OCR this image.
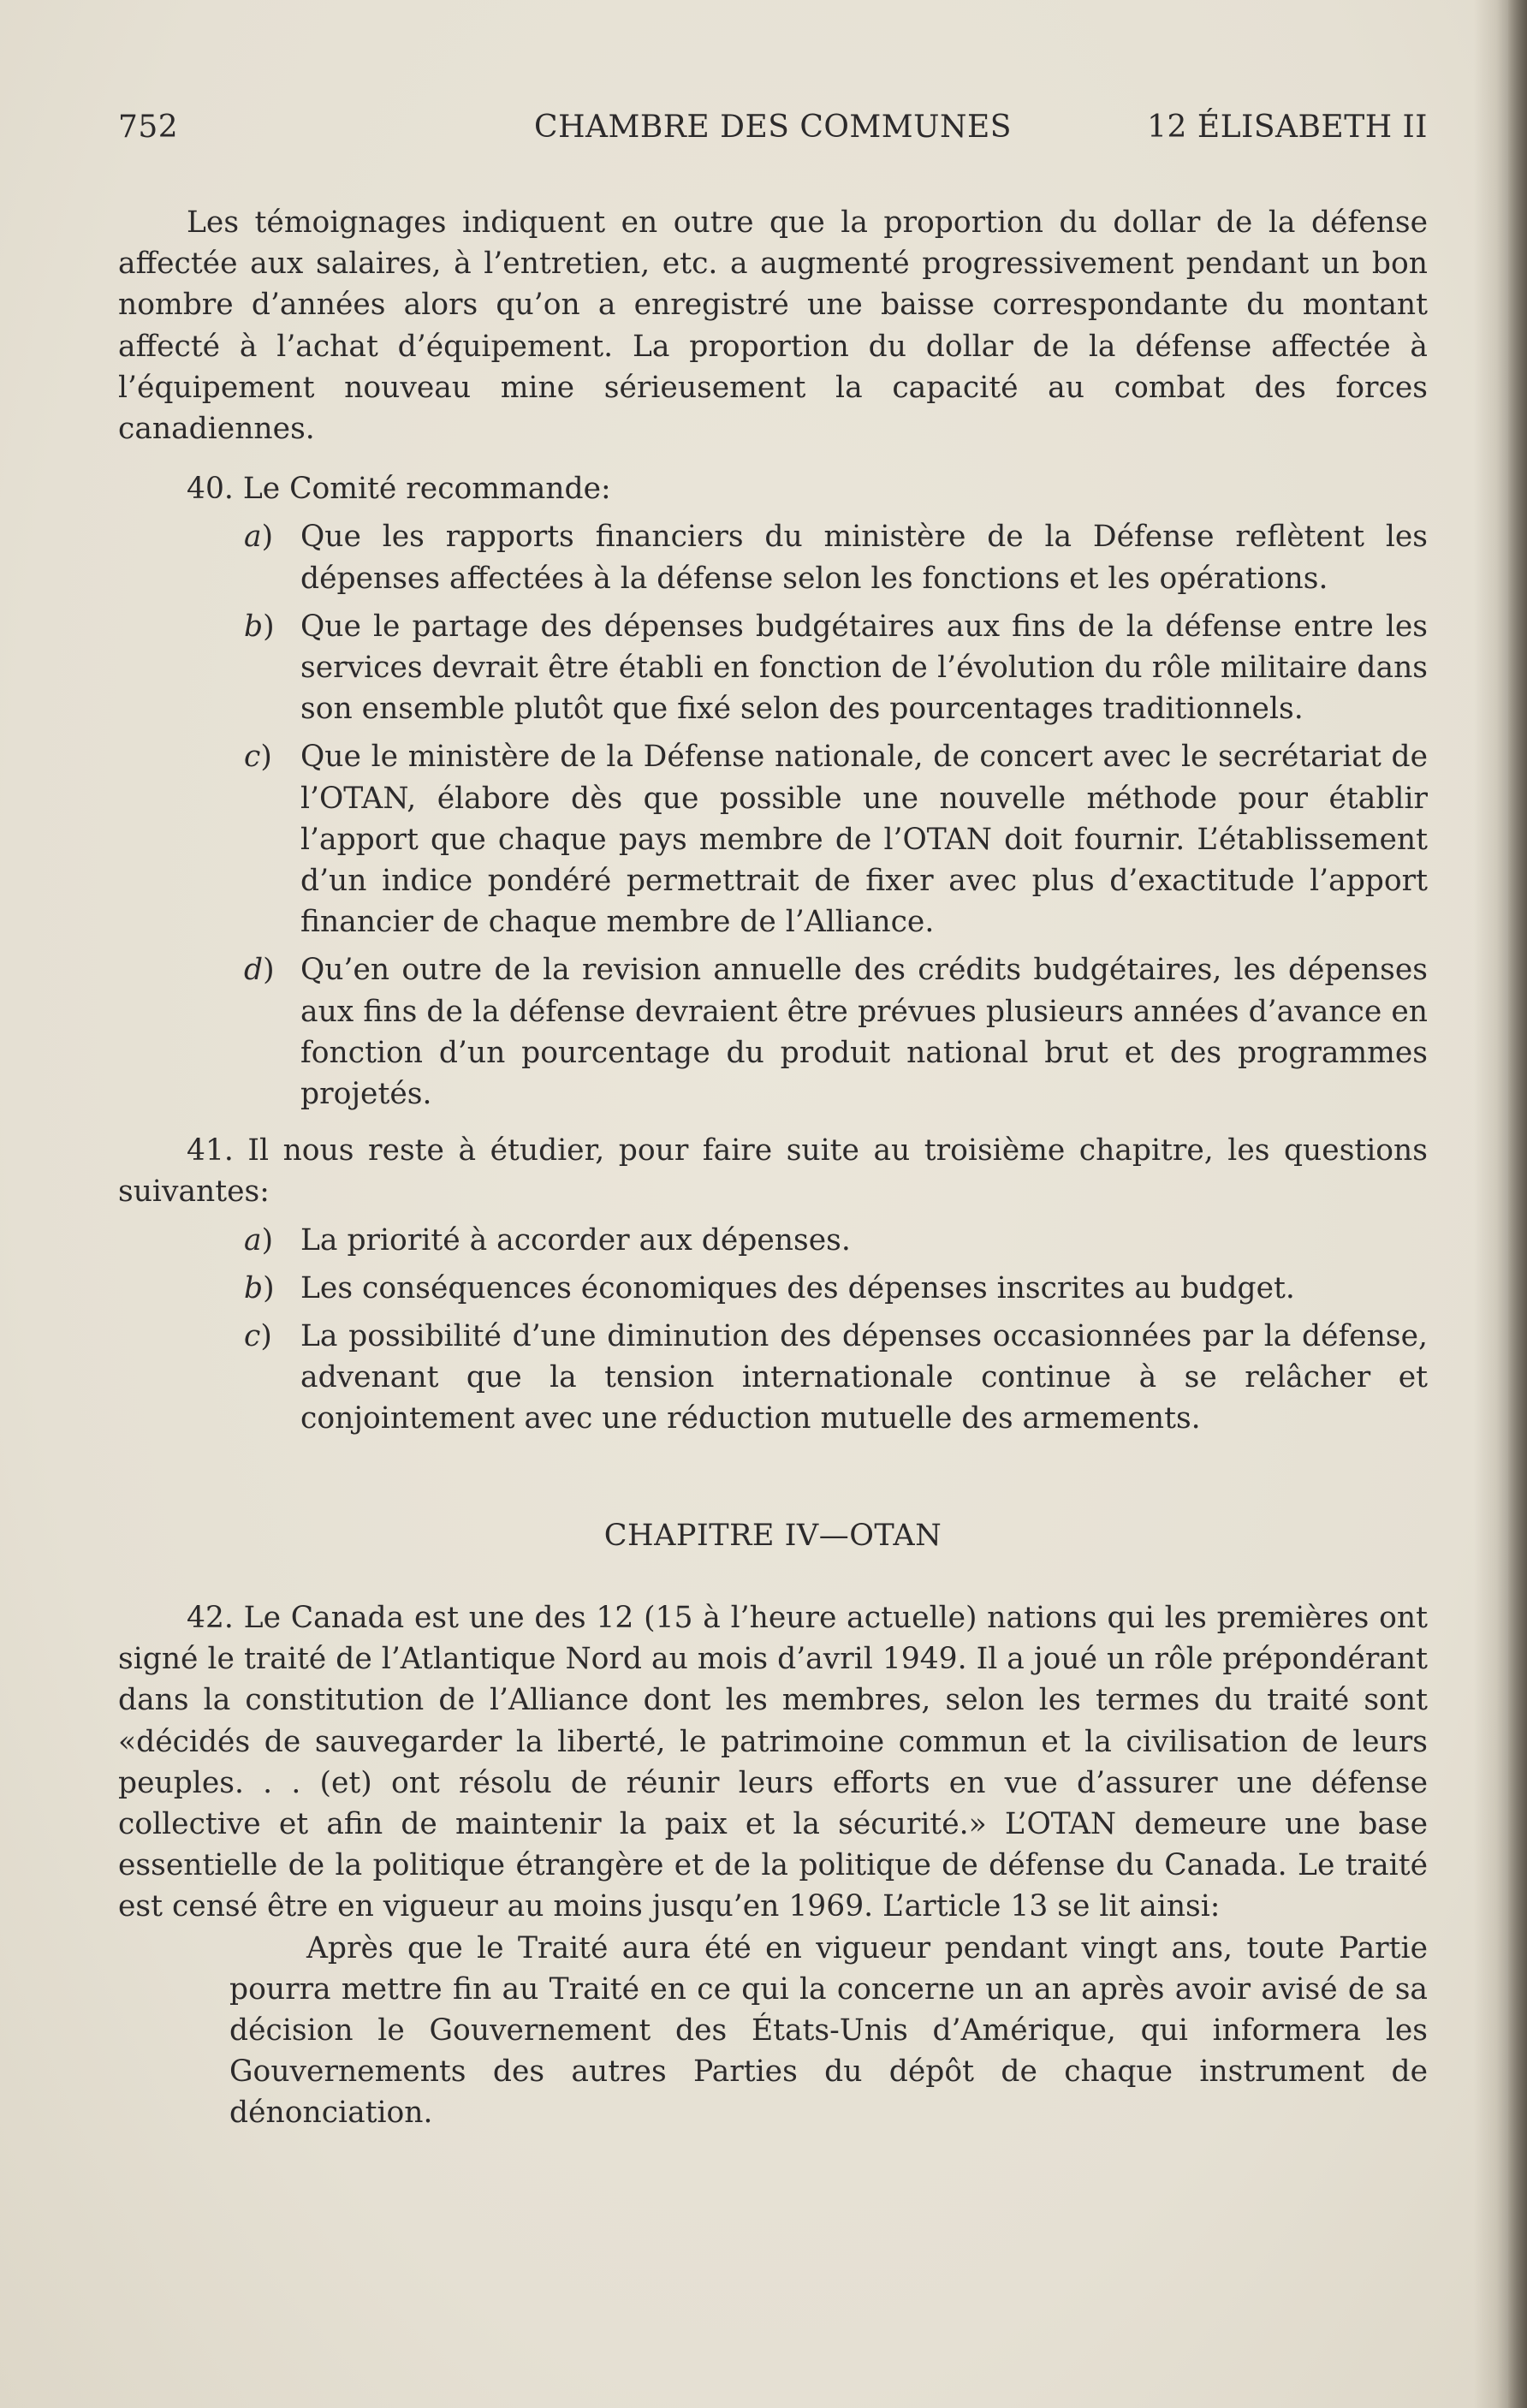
752	CHAMBRE DES COMMUNES	12 ÉLISABETH II

Les témoignages indiquent en outre que la proportion du dollar de la défense affectée aux salaires, à l’entretien, etc. a augmenté progressivement pendant un bon nombre d’années alors qu’on a enregistré une baisse correspondante du montant affecté à l’achat d’équipement. La proportion du dollar de la défense affectée à l’équipement nouveau mine sérieusement la capacité au combat des forces canadiennes.

40. Le Comité recommande:

a) Que les rapports financiers du ministère de la Défense reflètent les dépenses affectées à la défense selon les fonctions et les opérations.
b) Que le partage des dépenses budgétaires aux fins de la défense entre les services devrait être établi en fonction de l’évolution du rôle militaire dans son ensemble plutôt que fixé selon des pourcentages traditionnels.
c) Que le ministère de la Défense nationale, de concert avec le secrétariat de l’OTAN, élabore dès que possible une nouvelle méthode pour établir l’apport que chaque pays membre de l’OTAN doit fournir. L’établissement d’un indice pondéré permettrait de fixer avec plus d’exactitude l’apport financier de chaque membre de l’Alliance.
d) Qu’en outre de la revision annuelle des crédits budgétaires, les dépenses aux fins de la défense devraient être prévues plusieurs années d’avance en fonction d’un pourcentage du produit national brut et des programmes projetés.

41. Il nous reste à étudier, pour faire suite au troisième chapitre, les questions suivantes:

a) La priorité à accorder aux dépenses.
b) Les conséquences économiques des dépenses inscrites au budget.
c) La possibilité d’une diminution des dépenses occasionnées par la défense, advenant que la tension internationale continue à se relâcher et conjointement avec une réduction mutuelle des armements.
CHAPITRE IV—OTAN

42. Le Canada est une des 12 (15 à l’heure actuelle) nations qui les premières ont signé le traité de l’Atlantique Nord au mois d’avril 1949. Il a joué un rôle prépondérant dans la constitution de l’Alliance dont les membres, selon les termes du traité sont «décidés de sauvegarder la liberté, le patrimoine commun et la civilisation de leurs peuples. . . (et) ont résolu de réunir leurs efforts en vue d’assurer une défense collective et afin de maintenir la paix et la sécurité.» L’OTAN demeure une base essentielle de la politique étrangère et de la politique de défense du Canada. Le traité est censé être en vigueur au moins jusqu’en 1969. L’article 13 se lit ainsi:

Après que le Traité aura été en vigueur pendant vingt ans, toute Partie pourra mettre fin au Traité en ce qui la concerne un an après avoir avisé de sa décision le Gouvernement des États-Unis d’Amérique, qui informera les Gouvernements des autres Parties du dépôt de chaque instrument de dénonciation.
